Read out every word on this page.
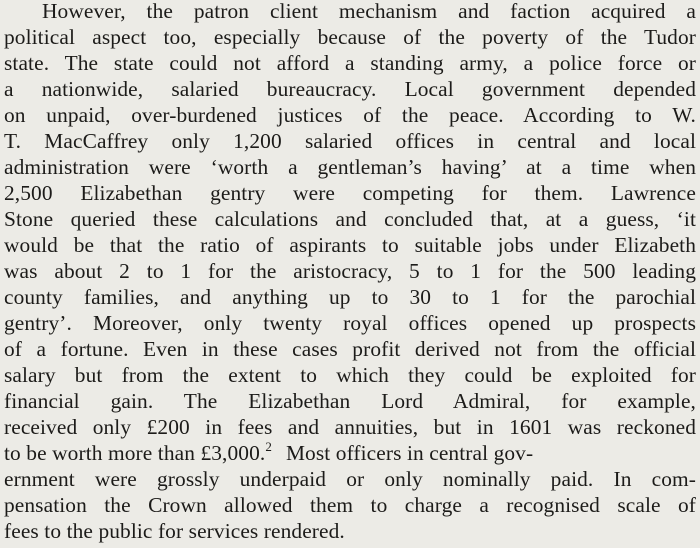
However, the patron client mechanism and faction acquired a
political aspect too, especially because of the poverty of the Tudor
state. The state could not afford a standing army, a police force or
a nationwide, salaried bureaucracy. Local government depended
on unpaid, over-burdened justices of the peace. According to W.
T. MacCaffrey only 1,200 salaried offices in central and local
administration were ‘worth a gentleman’s having’ at a time when
2,500 Elizabethan gentry were competing for them. Lawrence
Stone queried these calculations and concluded that, at a guess, ‘it
would be that the ratio of aspirants to suitable jobs under Elizabeth
was about 2 to 1 for the aristocracy, 5 to 1 for the 500 leading
county families, and anything up to 30 to 1 for the parochial
gentry’. Moreover, only twenty royal offices opened up prospects
of a fortune. Even in these cases profit derived not from the official
salary but from the extent to which they could be exploited for
financial gain. The Elizabethan Lord Admiral, for example,
received only £200 in fees and annuities, but in 1601 was reckoned
to be worth more than £3,000.$^2$ Most officers in central gov-
ernment were grossly underpaid or only nominally paid. In com-
pensation the Crown allowed them to charge a recognised scale of
fees to the public for services rendered.
